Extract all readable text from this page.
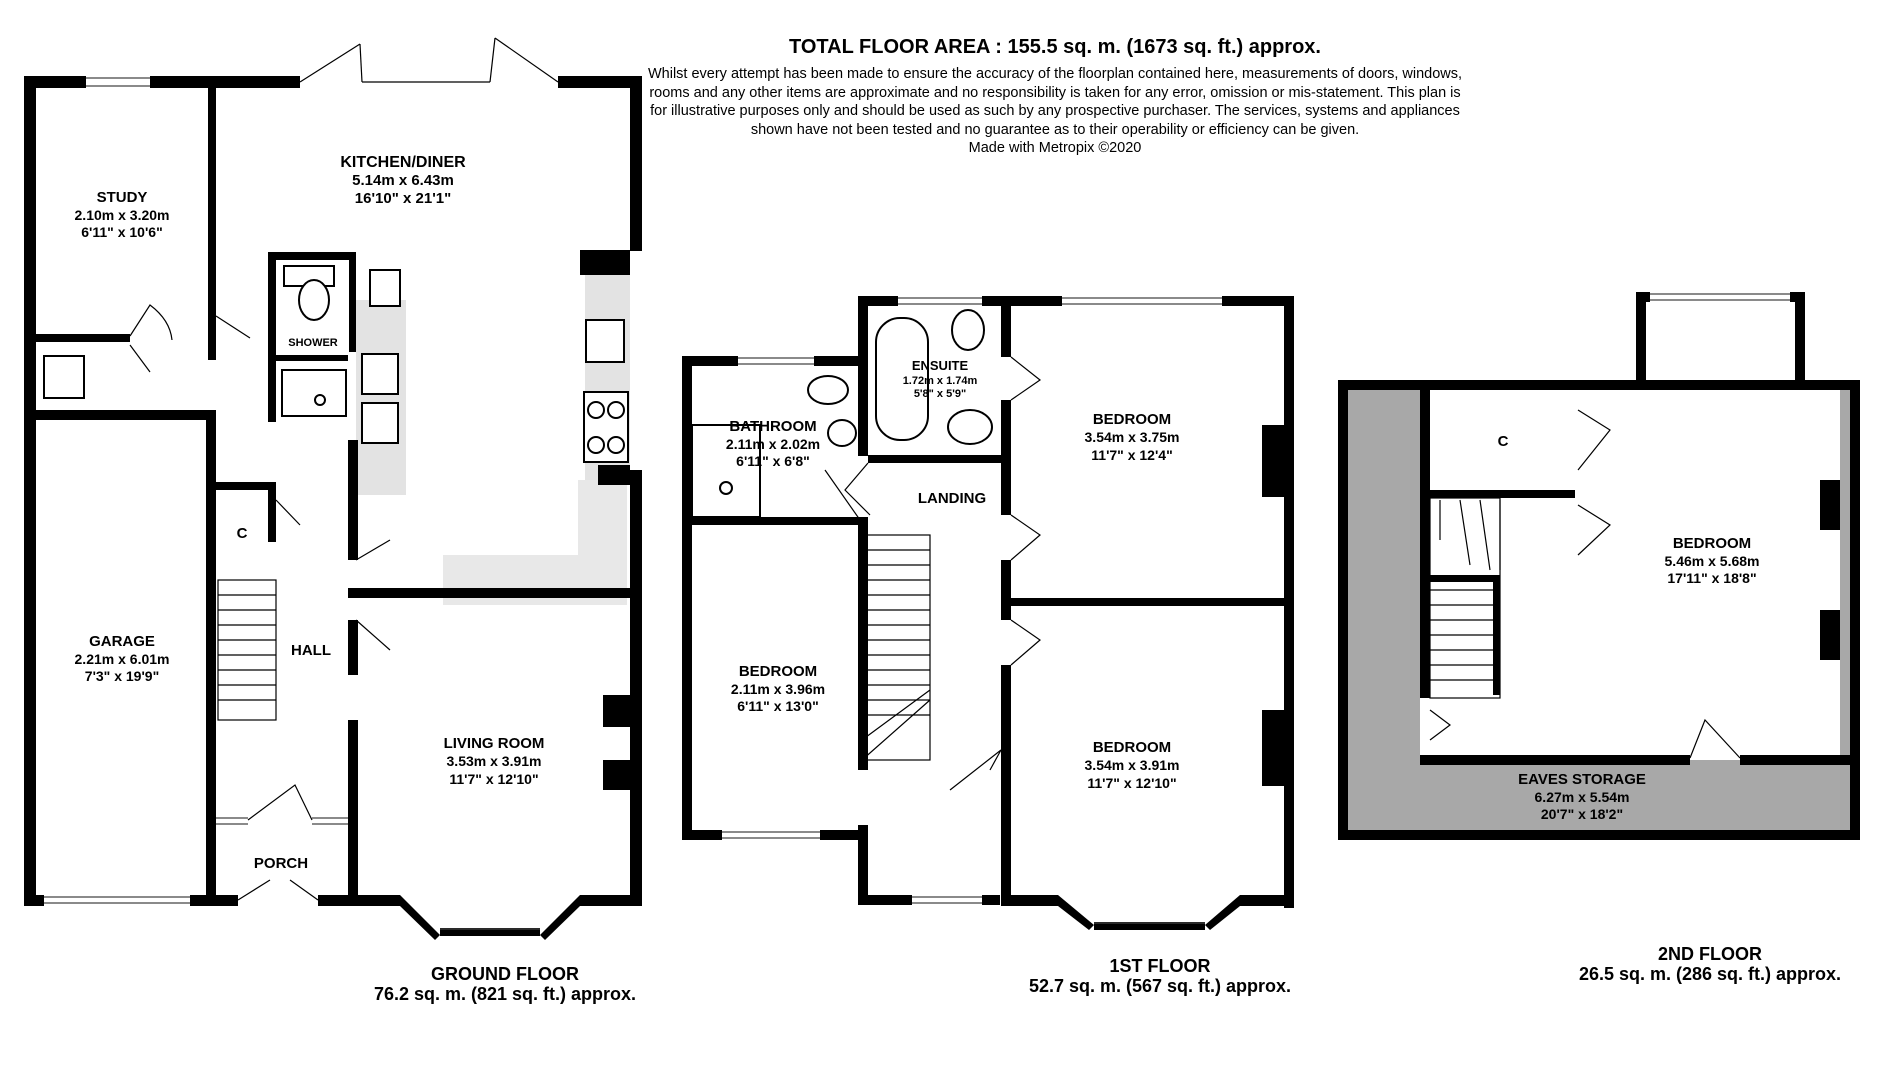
TOTAL FLOOR AREA : 155.5 sq. m. (1673 sq. ft.) approx.

Whilst every attempt has been made to ensure the accuracy of the floorplan contained here, measurements of doors, windows, rooms and any other items are approximate and no responsibility is taken for any error, omission or mis-statement. This plan is for illustrative purposes only and should be used as such by any prospective purchaser. The services, systems and appliances shown have not been tested and no guarantee as to their operability or efficiency can be given.

Made with Metropix ©2020

KITCHEN/DINER
5.14m x 6.43m
16'10" x 21'1"
STUDY
2.10m x 3.20m
6'11" x 10'6"
GARAGE
2.21m x 6.01m
7'3" x 19'9"
LIVING ROOM
3.53m x 3.91m
11'7" x 12'10"
HALL
PORCH
C
SHOWER
BATHROOM
2.11m x 2.02m
6'11" x 6'8"
ENSUITE
1.72m x 1.74m
5'8" x 5'9"
BEDROOM
3.54m x 3.75m
11'7" x 12'4"
BEDROOM
2.11m x 3.96m
6'11" x 13'0"
BEDROOM
3.54m x 3.91m
11'7" x 12'10"
LANDING
BEDROOM
5.46m x 5.68m
17'11" x 18'8"
EAVES STORAGE
6.27m x 5.54m
20'7" x 18'2"
C
GROUND FLOOR
76.2 sq. m. (821 sq. ft.) approx.
1ST FLOOR
52.7 sq. m. (567 sq. ft.) approx.
2ND FLOOR
26.5 sq. m. (286 sq. ft.) approx.
